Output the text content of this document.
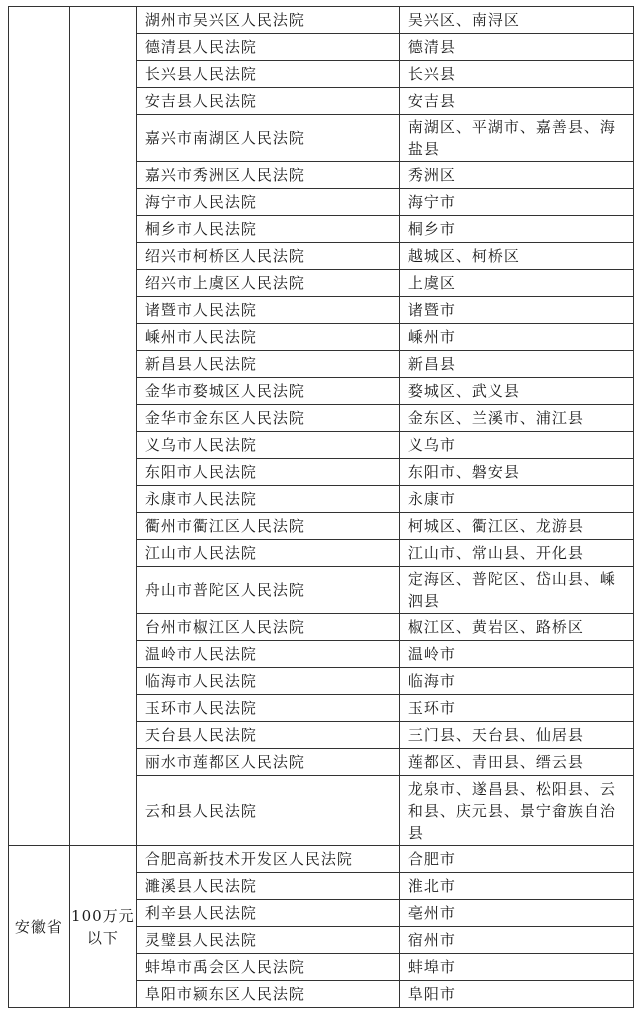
		湖州市吴兴区人民法院	吴兴区、南浔区
		德清县人民法院	德清县
		长兴县人民法院	长兴县
		安吉县人民法院	安吉县
		嘉兴市南湖区人民法院	南湖区、平湖市、嘉善县、海盐县
		嘉兴市秀洲区人民法院	秀洲区
		海宁市人民法院	海宁市
		桐乡市人民法院	桐乡市
		绍兴市柯桥区人民法院	越城区、柯桥区
		绍兴市上虞区人民法院	上虞区
		诸暨市人民法院	诸暨市
		嵊州市人民法院	嵊州市
		新昌县人民法院	新昌县
		金华市婺城区人民法院	婺城区、武义县
		金华市金东区人民法院	金东区、兰溪市、浦江县
		义乌市人民法院	义乌市
		东阳市人民法院	东阳市、磐安县
		永康市人民法院	永康市
		衢州市衢江区人民法院	柯城区、衢江区、龙游县
		江山市人民法院	江山市、常山县、开化县
		舟山市普陀区人民法院	定海区、普陀区、岱山县、嵊泗县
		台州市椒江区人民法院	椒江区、黄岩区、路桥区
		温岭市人民法院	温岭市
		临海市人民法院	临海市
		玉环市人民法院	玉环市
		天台县人民法院	三门县、天台县、仙居县
		丽水市莲都区人民法院	莲都区、青田县、缙云县
		云和县人民法院	龙泉市、遂昌县、松阳县、云和县、庆元县、景宁畲族自治县
安徽省	100万元以下	合肥高新技术开发区人民法院	合肥市
		濉溪县人民法院	淮北市
		利辛县人民法院	亳州市
		灵璧县人民法院	宿州市
		蚌埠市禹会区人民法院	蚌埠市
		阜阳市颍东区人民法院	阜阳市
